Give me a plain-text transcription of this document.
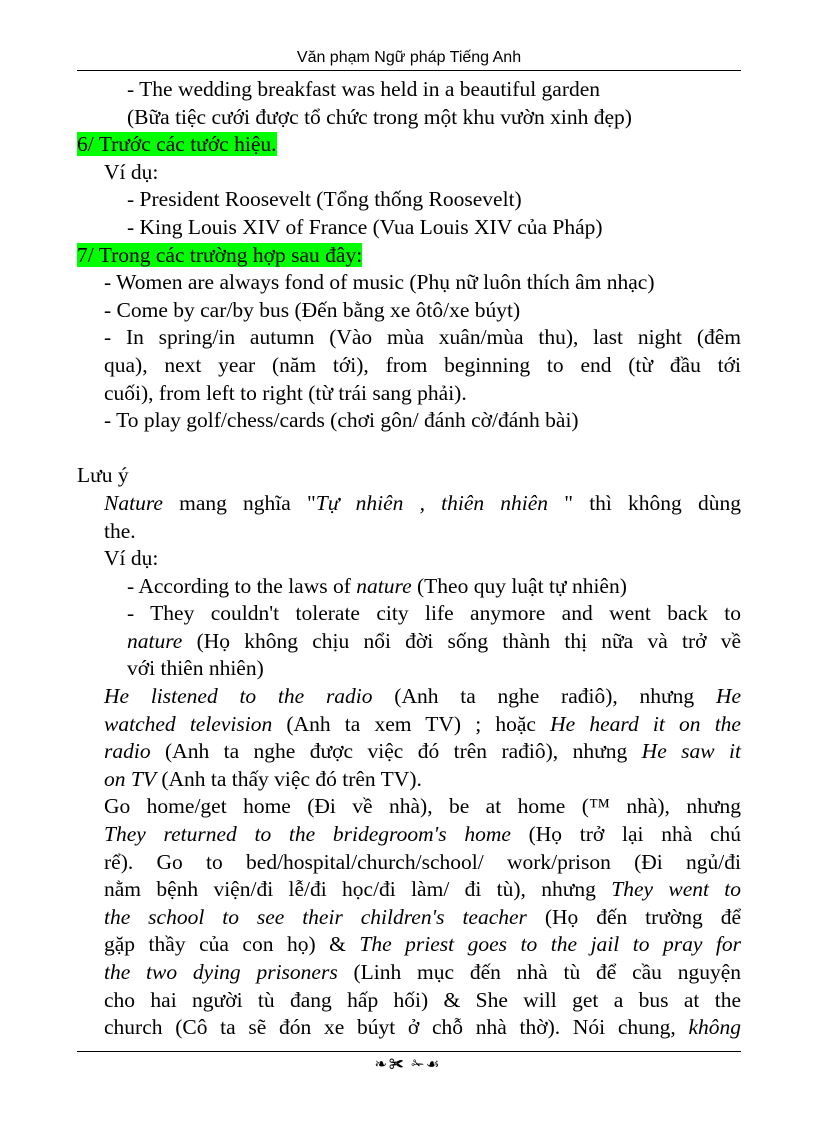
Văn phạm Ngữ pháp Tiếng Anh
- The wedding breakfast was held in a beautiful garden
(Bữa tiệc cưới được tổ chức trong một khu vườn xinh đẹp)
6/ Trước các tước hiệu.
Ví dụ:
- President Roosevelt (Tổng thống Roosevelt)
- King Louis XIV of France (Vua Louis XIV của Pháp)
7/ Trong các trường hợp sau đây:
- Women are always fond of music (Phụ nữ luôn thích âm nhạc)
- Come by car/by bus (Đến bằng xe ôtô/xe búyt)
- In spring/in autumn (Vào mùa xuân/mùa thu), last night (đêm
qua), next year (năm tới), from beginning to end (từ đầu tới
cuối), from left to right (từ trái sang phải).
- To play golf/chess/cards (chơi gôn/ đánh cờ/đánh bài)
Lưu ý
Nature mang nghĩa "Tự nhiên , thiên nhiên " thì không dùng
the.
Ví dụ:
- According to the laws of nature (Theo quy luật tự nhiên)
- They couldn't tolerate city life anymore and went back to
nature (Họ không chịu nổi đời sống thành thị nữa và trở về
với thiên nhiên)
He listened to the radio (Anh ta nghe rađiô), nhưng He
watched television (Anh ta xem TV) ; hoặc He heard it on the
radio (Anh ta nghe được việc đó trên rađiô), nhưng He saw it
on TV (Anh ta thấy việc đó trên TV).
Go home/get home (Đi về nhà), be at home (™ nhà), nhưng
They returned to the bridegroom's home (Họ trở lại nhà chú
rể). Go to bed/hospital/church/school/ work/prison (Đi ngủ/đi
nằm bệnh viện/đi lễ/đi học/đi làm/ đi tù), nhưng They went to
the school to see their children's teacher (Họ đến trường để
gặp thầy của con họ) & The priest goes to the jail to pray for
the two dying prisoners (Linh mục đến nhà tù để cầu nguyện
cho hai người tù đang hấp hối) & She will get a bus at the
church (Cô ta sẽ đón xe búyt ở chỗ nhà thờ). Nói chung, không
❧✀ ✁☙
